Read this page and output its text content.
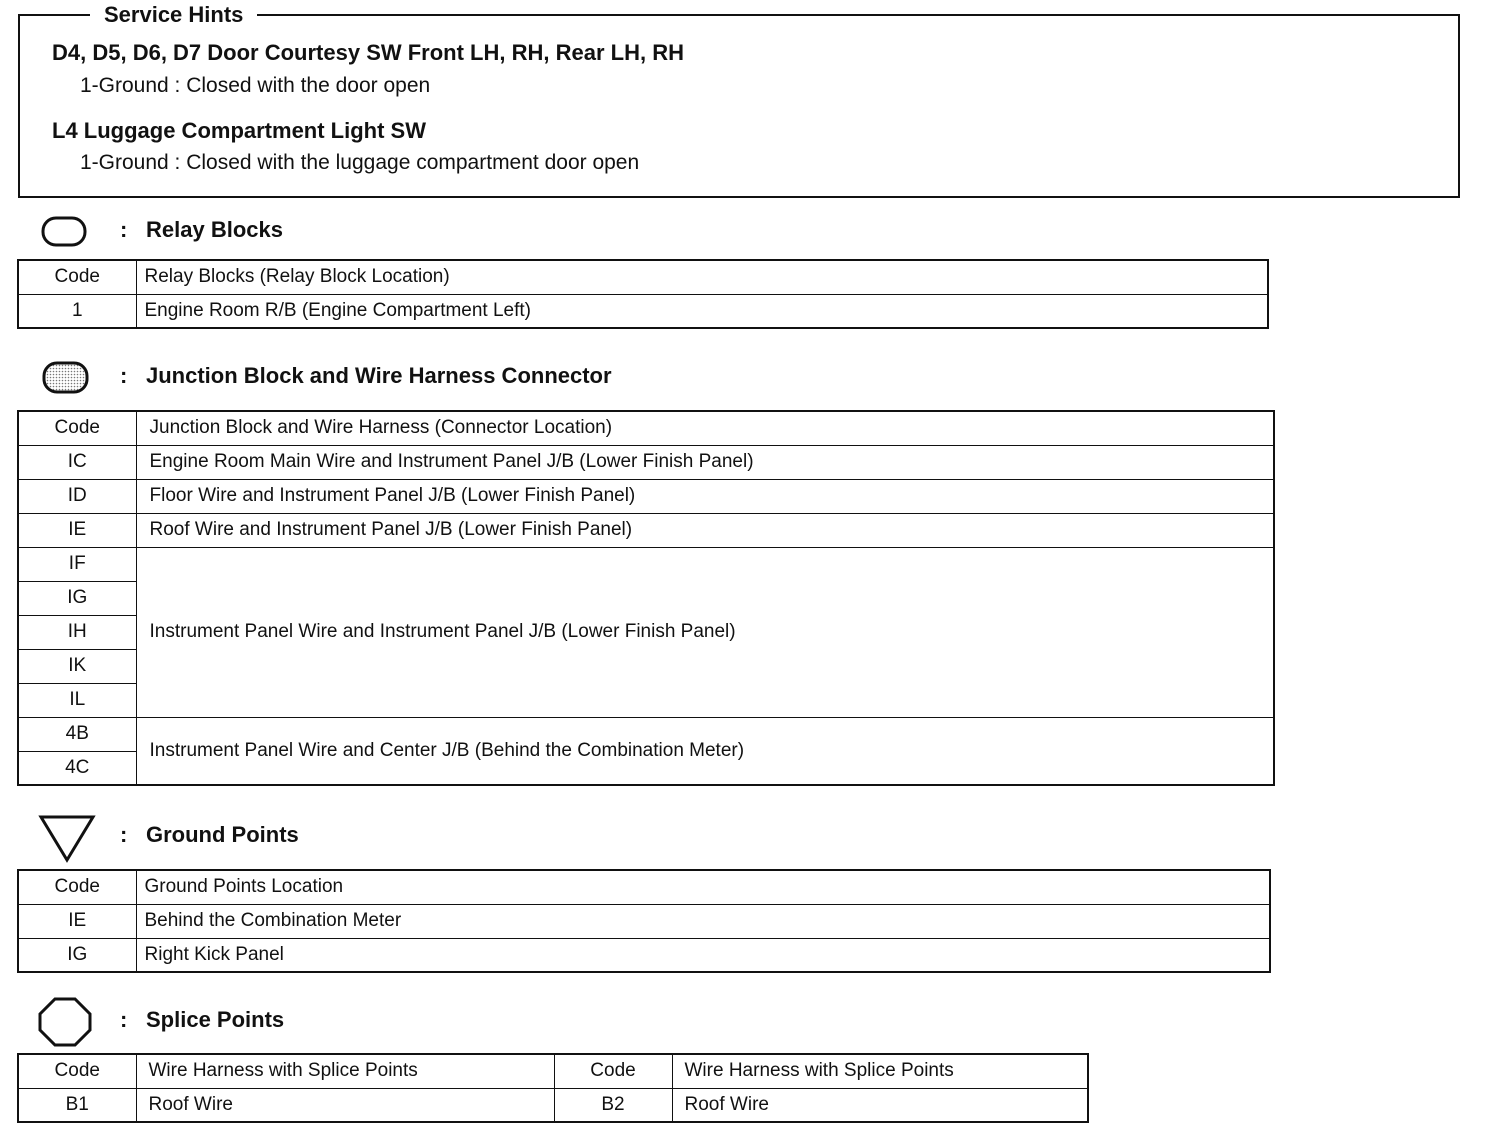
Service Hints
D4, D5, D6, D7 Door Courtesy SW Front LH, RH, Rear LH, RH
1-Ground : Closed with the door open
L4 Luggage Compartment Light SW
1-Ground : Closed with the luggage compartment door open
: Relay Blocks
Code	Relay Blocks (Relay Block Location)
1	Engine Room R/B (Engine Compartment Left)
: Junction Block and Wire Harness Connector
Code	Junction Block and Wire Harness (Connector Location)
IC	Engine Room Main Wire and Instrument Panel J/B (Lower Finish Panel)
ID	Floor Wire and Instrument Panel J/B (Lower Finish Panel)
IE	Roof Wire and Instrument Panel J/B (Lower Finish Panel)
IF	Instrument Panel Wire and Instrument Panel J/B (Lower Finish Panel)
IG	
IH	
IK	
IL	
4B	Instrument Panel Wire and Center J/B (Behind the Combination Meter)
4C	
: Ground Points
Code	Ground Points Location
IE	Behind the Combination Meter
IG	Right Kick Panel
: Splice Points
Code	Wire Harness with Splice Points	Code	Wire Harness with Splice Points
B1	Roof Wire	B2	Roof Wire
